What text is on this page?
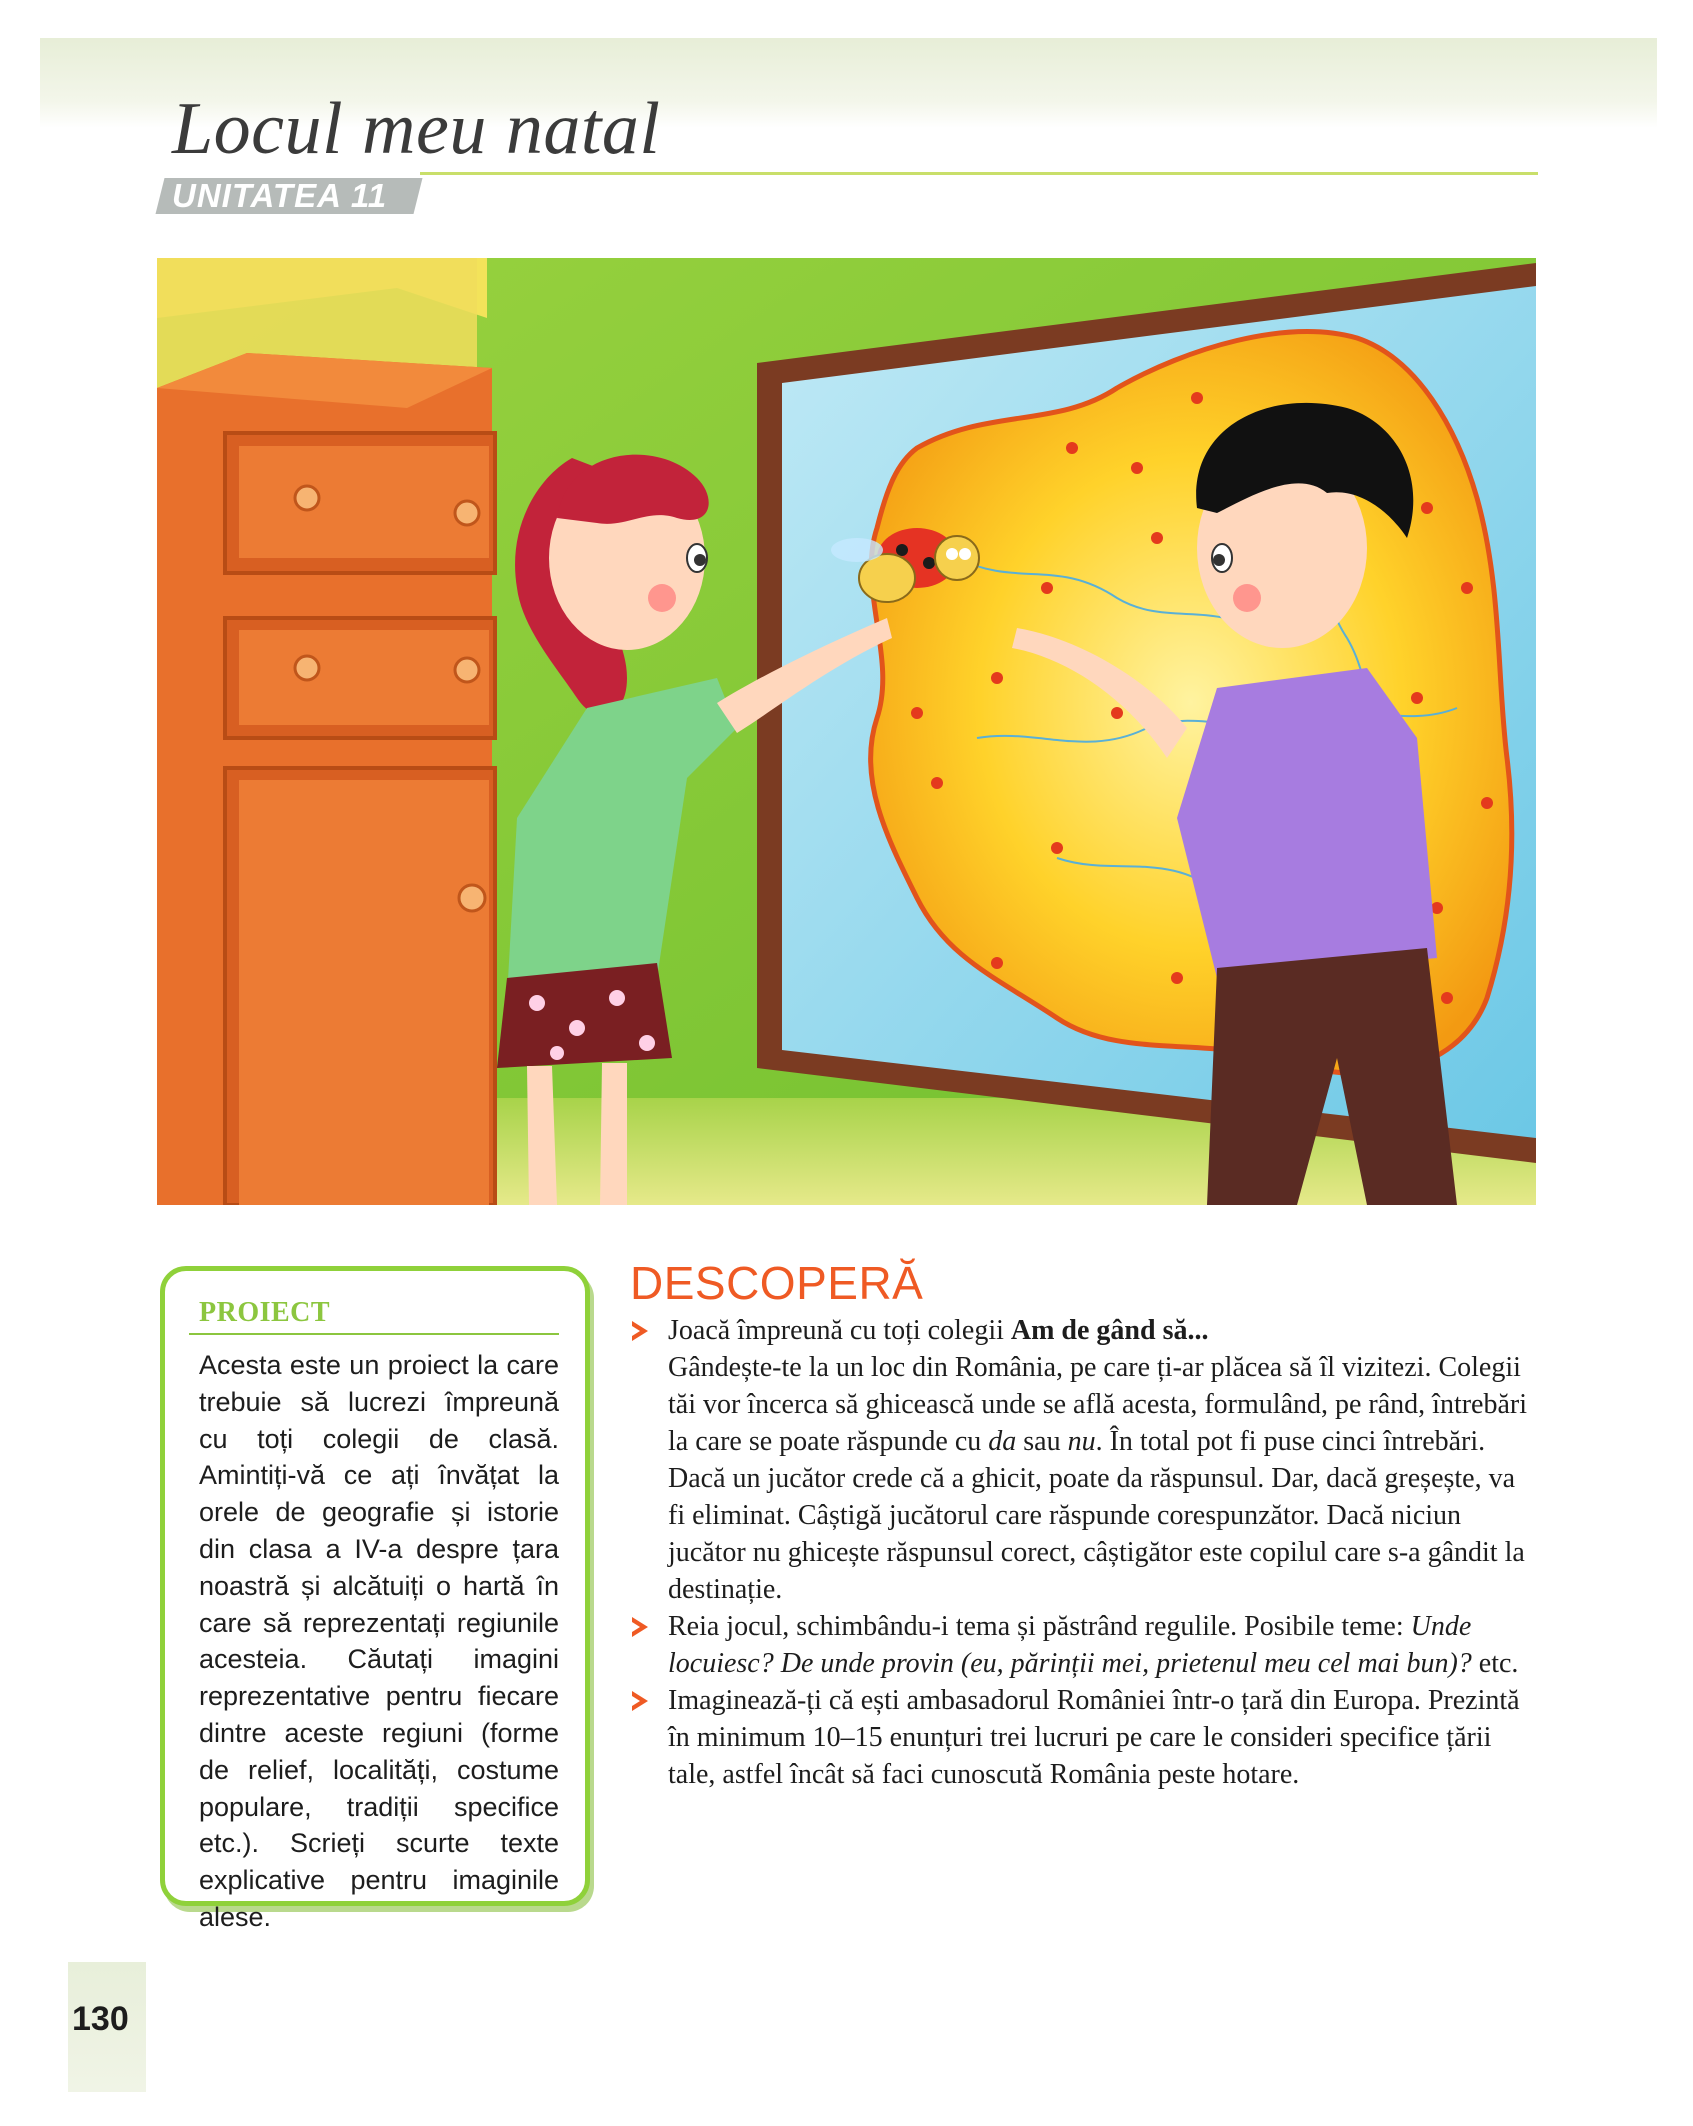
Locul meu natal
UNITATEA 11
PROIECT

Acesta este un proiect la care trebuie să lucrezi împreună cu toți colegii de clasă. Amintiți-vă ce ați învățat la orele de geografie și istorie din clasa a IV-a despre țara noastră și alcătuiți o hartă în care să reprezentați regiunile acesteia. Căutați imagini reprezentative pentru fiecare dintre aceste regiuni (forme de relief, localități, costume populare, tradiții specifice etc.). Scrieți scurte texte explicative pentru imaginile alese.

DESCOPERĂ
Joacă împreună cu toți colegii Am de gând să...
Gândește-te la un loc din România, pe care ți-ar plăcea să îl vizitezi. Colegii tăi vor încerca să ghicească unde se află acesta, formulând, pe rând, întrebări la care se poate răspunde cu da sau nu. În total pot fi puse cinci întrebări. Dacă un jucător crede că a ghicit, poate da răspunsul. Dar, dacă greșește, va fi eliminat. Câștigă jucătorul care răspunde corespunzător. Dacă niciun jucător nu ghicește răspunsul corect, câștigător este copilul care s-a gândit la destinație.
Reia jocul, schimbându-i tema și păstrând regulile. Posibile teme: Unde locuiesc? De unde provin (eu, părinții mei, prietenul meu cel mai bun)? etc.
Imaginează-ți că ești ambasadorul României într-o țară din Europa. Prezintă în minimum 10–15 enunțuri trei lucruri pe care le consideri specifice țării tale, astfel încât să faci cunoscută România peste hotare.
130
